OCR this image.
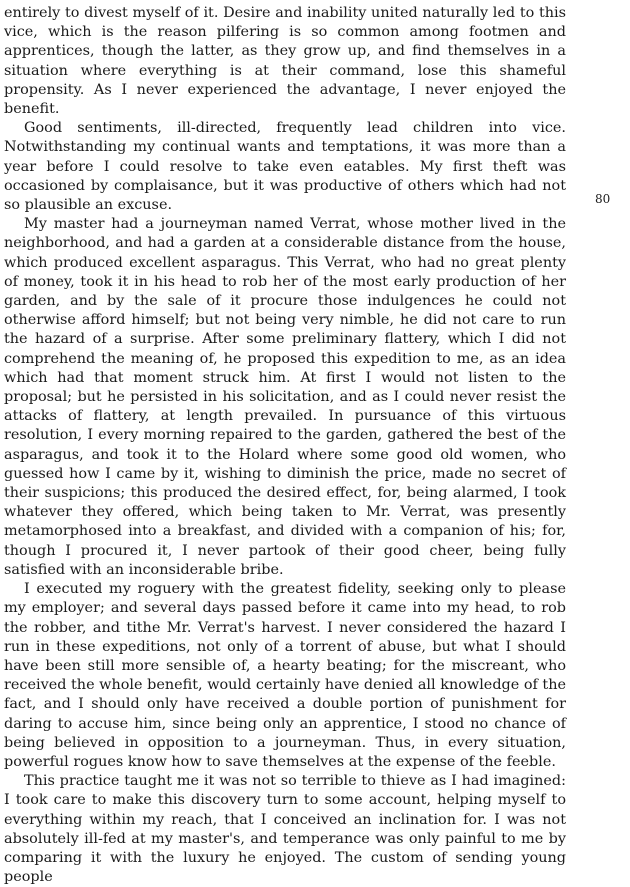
entirely to divest myself of it. Desire and inability united naturally led to this vice, which is the reason pilfering is so common among footmen and apprentices, though the latter, as they grow up, and find themselves in a situation where everything is at their command, lose this shameful propensity. As I never experienced the advantage, I never enjoyed the benefit.

Good sentiments, ill-directed, frequently lead children into vice. Notwithstanding my continual wants and temptations, it was more than a year before I could resolve to take even eatables. My first theft was occasioned by complaisance, but it was productive of others which had not so plausible an excuse.

My master had a journeyman named Verrat, whose mother lived in the neighborhood, and had a garden at a considerable distance from the house, which produced excellent asparagus. This Verrat, who had no great plenty of money, took it in his head to rob her of the most early production of her garden, and by the sale of it procure those indulgences he could not otherwise afford himself; but not being very nimble, he did not care to run the hazard of a surprise. After some preliminary flattery, which I did not comprehend the meaning of, he proposed this expedition to me, as an idea which had that moment struck him. At first I would not listen to the proposal; but he persisted in his solicitation, and as I could never resist the attacks of flattery, at length prevailed. In pursuance of this virtuous resolution, I every morning repaired to the garden, gathered the best of the asparagus, and took it to the Holard where some good old women, who guessed how I came by it, wishing to diminish the price, made no secret of their suspicions; this produced the desired effect, for, being alarmed, I took whatever they offered, which being taken to Mr. Verrat, was presently metamorphosed into a breakfast, and divided with a companion of his; for, though I procured it, I never partook of their good cheer, being fully satisfied with an inconsiderable bribe.

I executed my roguery with the greatest fidelity, seeking only to please my employer; and several days passed before it came into my head, to rob the robber, and tithe Mr. Verrat's harvest. I never considered the hazard I run in these expeditions, not only of a torrent of abuse, but what I should have been still more sensible of, a hearty beating; for the miscreant, who received the whole benefit, would certainly have denied all knowledge of the fact, and I should only have received a double portion of punishment for daring to accuse him, since being only an apprentice, I stood no chance of being believed in opposition to a journeyman. Thus, in every situation, powerful rogues know how to save themselves at the expense of the feeble.

This practice taught me it was not so terrible to thieve as I had imagined: I took care to make this discovery turn to some account, helping myself to everything within my reach, that I conceived an inclination for. I was not absolutely ill-fed at my master's, and temperance was only painful to me by comparing it with the luxury he enjoyed. The custom of sending young people

80
